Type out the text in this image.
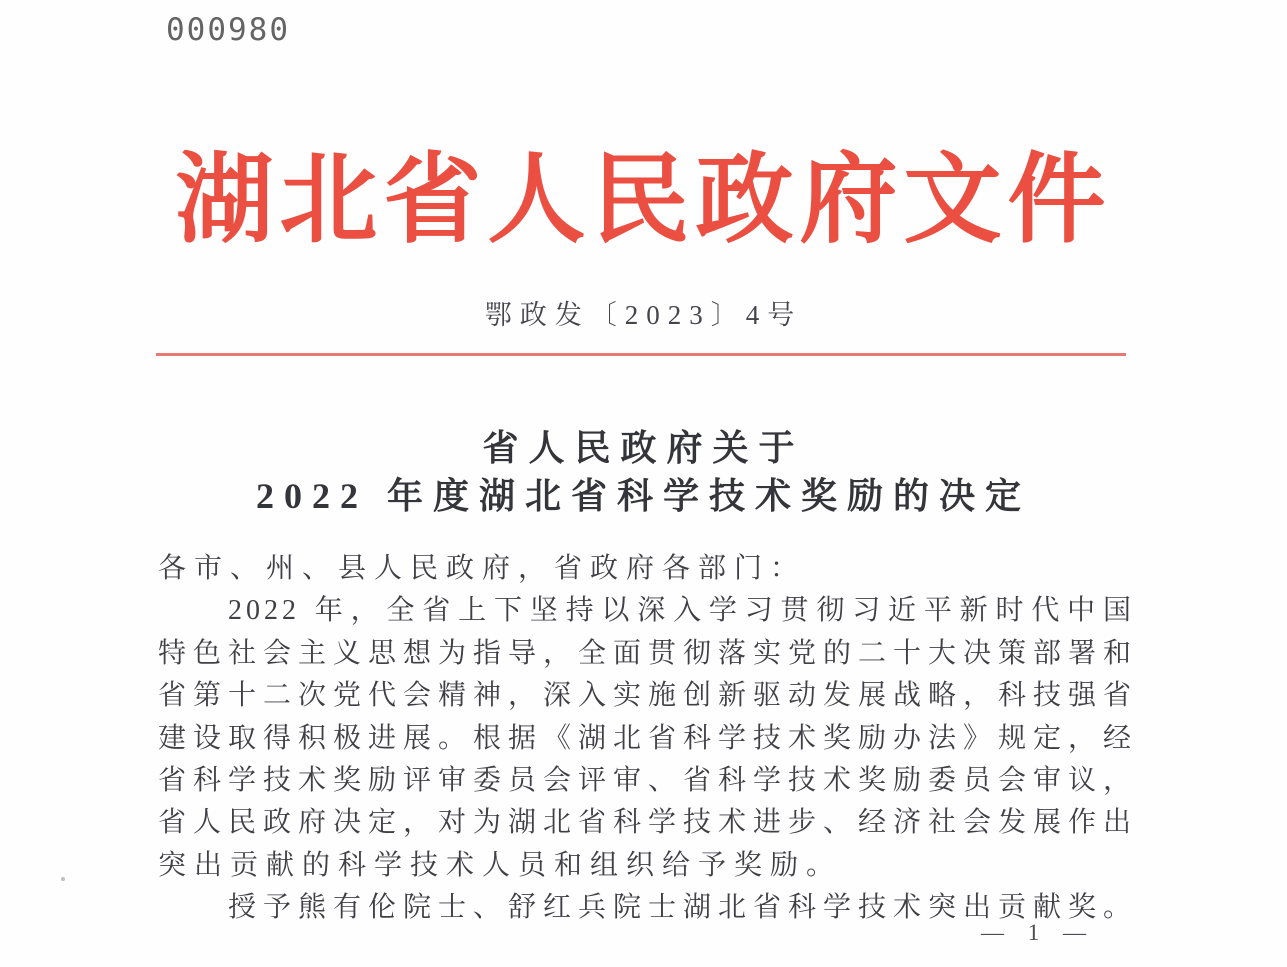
000980
湖北省人民政府文件
鄂政发〔2023〕4号
省人民政府关于
2022 年度湖北省科学技术奖励的决定
各市、州、县人民政府，省政府各部门：
2022 年，全省上下坚持以深入学习贯彻习近平新时代中国
特色社会主义思想为指导，全面贯彻落实党的二十大决策部署和
省第十二次党代会精神，深入实施创新驱动发展战略，科技强省
建设取得积极进展。根据《湖北省科学技术奖励办法》规定，经
省科学技术奖励评审委员会评审、省科学技术奖励委员会审议，
省人民政府决定，对为湖北省科学技术进步、经济社会发展作出
突出贡献的科学技术人员和组织给予奖励。
授予熊有伦院士、舒红兵院士湖北省科学技术突出贡献奖。
— 1 —
